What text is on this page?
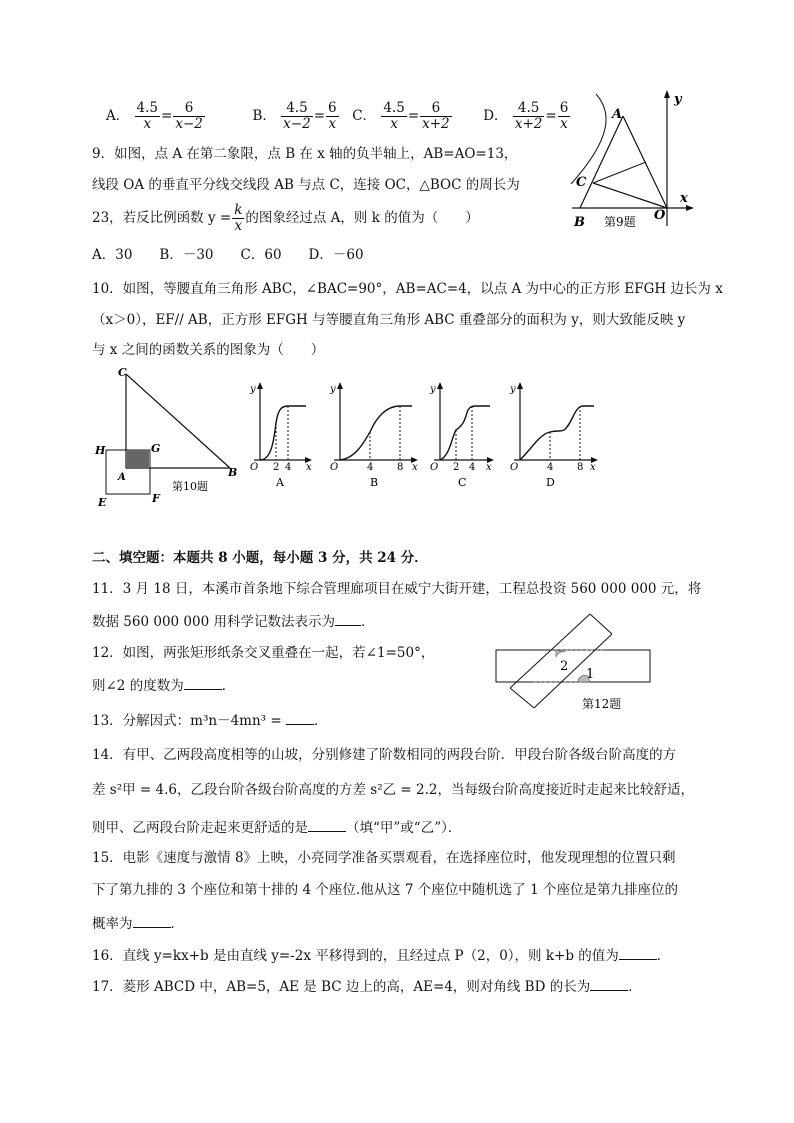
A． $\frac{4.5}{x} = \frac{6}{x-2}$	B． $\frac{4.5}{x-2} = \frac{6}{x}$ C． $\frac{4.5}{x} = \frac{6}{x+2}$ D． $\frac{4.5}{x+2} = \frac{6}{x}$
9．如图，点 A 在第二象限，点 B 在 x 轴的负半轴上，AB=AO=13，
线段 OA 的垂直平分线交线段 AB 与点 C，连接 OC，△BOC 的周长为
23，若反比例函数 $y = \frac{k}{x}$ 的图象经过点 A，则 k 的值为（　　）
A．30　　B．－30　　C．60　　D．－60
A
y
C
x
B	O
第9题
10．如图，等腰直角三角形 ABC，∠BAC=90°，AB=AC=4，以点 A 为中心的正方形 EFGH 边长为 x
（x＞0），EF// AB，正方形 EFGH 与等腰直角三角形 ABC 重叠部分的面积为 y，则大致能反映 y
与 x 之间的函数关系的图象为（　　）
C
H	G
A	B
第10题
E	F
y
O 2 4 x
A
y
O	4 8 x
B
y
O 2 4 x
C
y
O	4 8 x
D
二、填空题：本题共 8 小题，每小题 3 分，共 24 分．
11．3 月 18 日，本溪市首条地下综合管理廊项目在威宁大街开建，工程总投资 560 000 000 元，将
数据 560 000 000 用科学记数法表示为 ．
12．如图，两张矩形纸条交叉重叠在一起，若∠1=50°，
则∠2 的度数为	．
2
1
第12题
13．分解因式：m³n－4mn³ = ．
14．有甲、乙两段高度相等的山坡，分别修建了阶数相同的两段台阶．甲段台阶各级台阶高度的方
差 s²甲 = 4.6，乙段台阶各级台阶高度的方差 s²乙 = 2.2，当每级台阶高度接近时走起来比较舒适，
则甲、乙两段台阶走起来更舒适的是	（填“甲”或“乙”）．
15．电影《速度与激情 8》上映，小亮同学准备买票观看，在选择座位时，他发现理想的位置只剩
下了第九排的 3 个座位和第十排的 4 个座位.他从这 7 个座位中随机选了 1 个座位是第九排座位的
概率为	．
16．直线 y=kx+b 是由直线 y=-2x 平移得到的，且经过点 P（2，0），则 k+b 的值为	．
17．菱形 ABCD 中，AB=5，AE 是 BC 边上的高，AE=4，则对角线 BD 的长为	．
